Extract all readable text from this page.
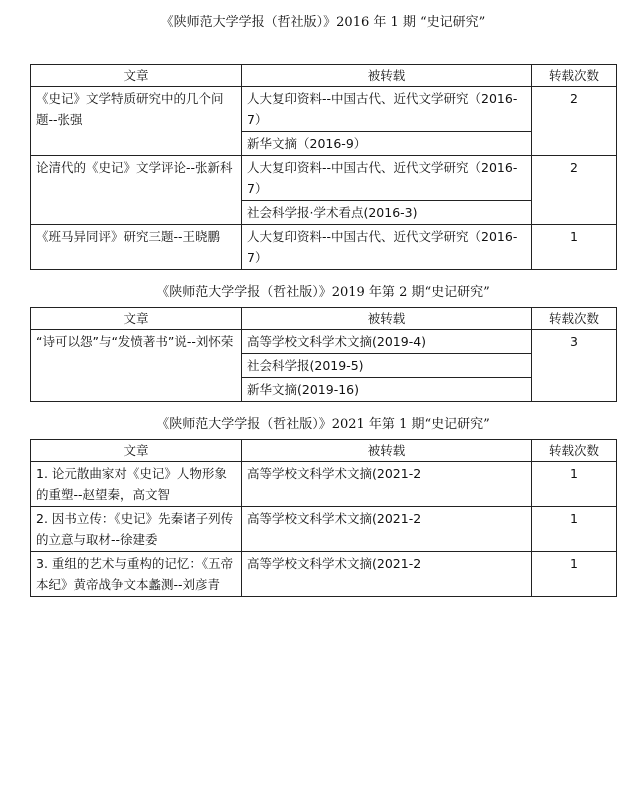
《陕师范大学学报（哲社版）》2016 年 1 期 “史记研究”
文章	被转载	转载次数
《史记》文学特质研究中的几个问题--张强	人大复印资料--中国古代、近代文学研究（2016-7）	2
	新华文摘（2016-9）	
论清代的《史记》文学评论--张新科	人大复印资料--中国古代、近代文学研究（2016-7）	2
	社会科学报·学术看点(2016-3)	
《班马异同评》研究三题--王晓鹏	人大复印资料--中国古代、近代文学研究（2016-7）	1
《陕师范大学学报（哲社版）》2019 年第 2 期“史记研究”
文章	被转载	转载次数
“诗可以怨”与“发愤著书”说--刘怀荣	高等学校文科学术文摘(2019-4)	3
	社会科学报(2019-5)	
	新华文摘(2019-16)	
《陕师范大学学报（哲社版）》2021 年第 1 期“史记研究”
文章	被转载	转载次数
1. 论元散曲家对《史记》人物形象的重塑--赵望秦，高文智	高等学校文科学术文摘(2021-2	1
2. 因书立传：《史记》先秦诸子列传的立意与取材--徐建委	高等学校文科学术文摘(2021-2	1
3. 重组的艺术与重构的记忆：《五帝本纪》黄帝战争文本蠡测--刘彦青	高等学校文科学术文摘(2021-2	1
